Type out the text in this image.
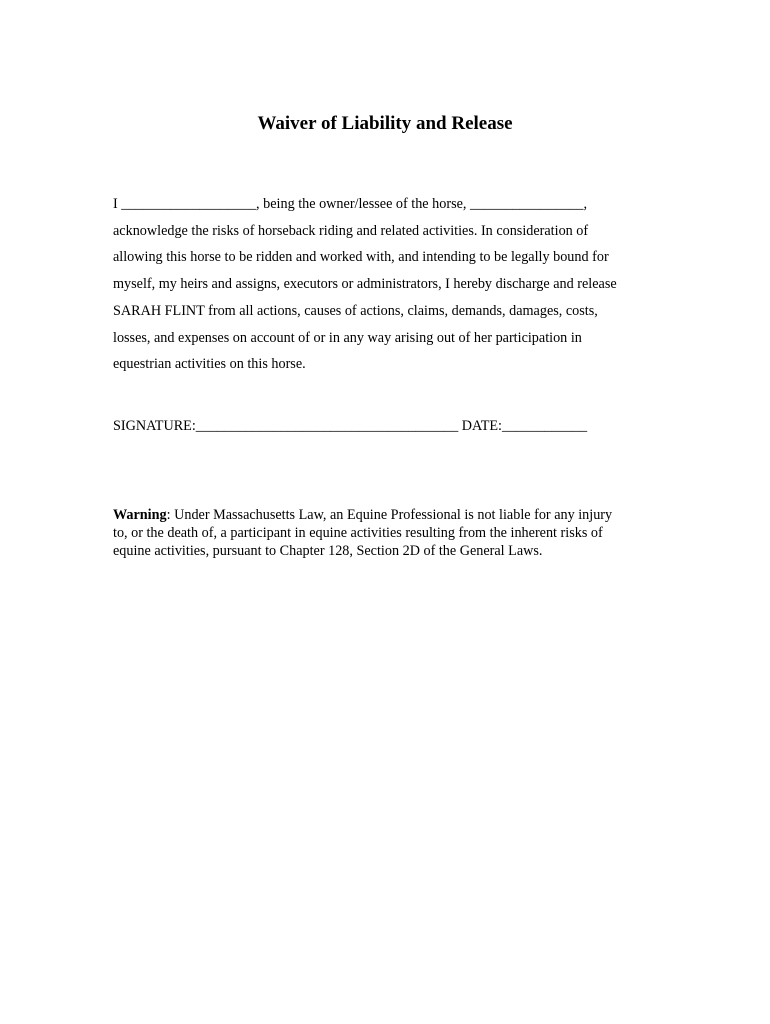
Waiver of Liability and Release
I ___________________, being the owner/lessee of the horse, ________________,
acknowledge the risks of horseback riding and related activities. In consideration of
allowing this horse to be ridden and worked with, and intending to be legally bound for
myself, my heirs and assigns, executors or administrators, I hereby discharge and release
SARAH FLINT from all actions, causes of actions, claims, demands, damages, costs,
losses, and expenses on account of or in any way arising out of her participation in
equestrian activities on this horse.
SIGNATURE:_____________________________________ DATE:____________
Warning: Under Massachusetts Law, an Equine Professional is not liable for any injury
to, or the death of, a participant in equine activities resulting from the inherent risks of
equine activities, pursuant to Chapter 128, Section 2D of the General Laws.
